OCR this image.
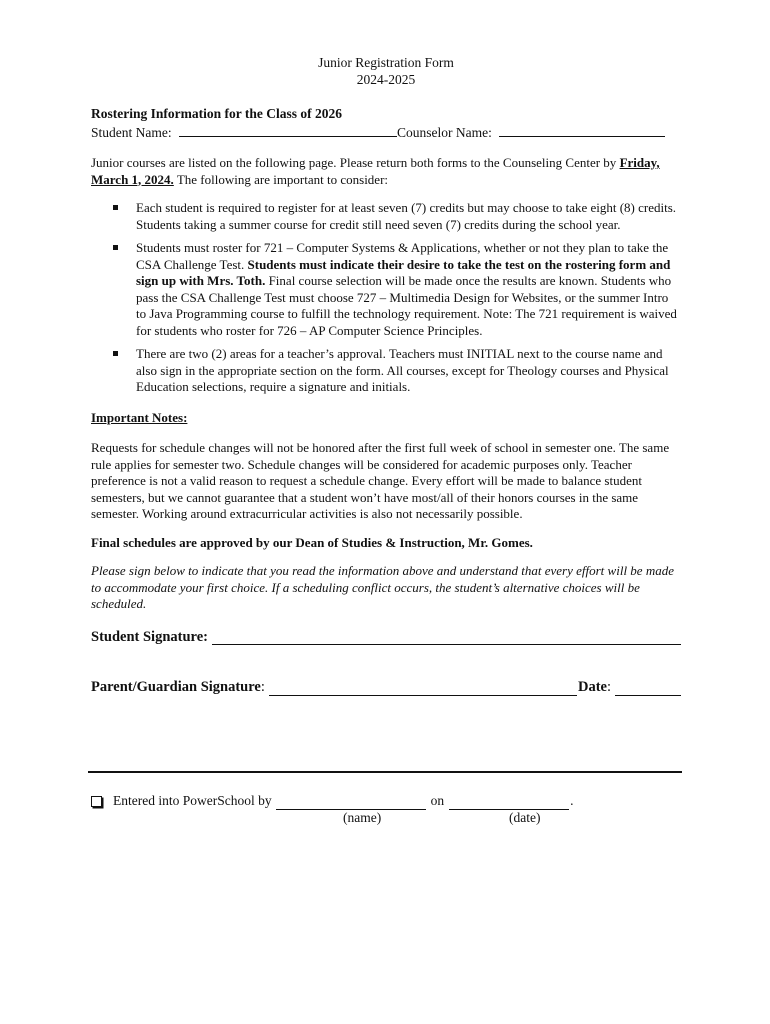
Junior Registration Form
2024-2025
Rostering Information for the Class of 2026
Student Name:	Counselor Name:

Junior courses are listed on the following page. Please return both forms to the Counseling Center by Friday, March 1, 2024. The following are important to consider:

Each student is required to register for at least seven (7) credits but may choose to take eight (8) credits. Students taking a summer course for credit still need seven (7) credits during the school year.
Students must roster for 721 – Computer Systems & Applications, whether or not they plan to take the CSA Challenge Test. Students must indicate their desire to take the test on the rostering form and sign up with Mrs. Toth. Final course selection will be made once the results are known. Students who pass the CSA Challenge Test must choose 727 – Multimedia Design for Websites, or the summer Intro to Java Programming course to fulfill the technology requirement. Note: The 721 requirement is waived for students who roster for 726 – AP Computer Science Principles.
There are two (2) areas for a teacher’s approval. Teachers must INITIAL next to the course name and also sign in the appropriate section on the form. All courses, except for Theology courses and Physical Education selections, require a signature and initials.
Important Notes:

Requests for schedule changes will not be honored after the first full week of school in semester one. The same rule applies for semester two. Schedule changes will be considered for academic purposes only. Teacher preference is not a valid reason to request a schedule change. Every effort will be made to balance student semesters, but we cannot guarantee that a student won’t have most/all of their honors courses in the same semester. Working around extracurricular activities is also not necessarily possible.

Final schedules are approved by our Dean of Studies & Instruction, Mr. Gomes.

Please sign below to indicate that you read the information above and understand that every effort will be made to accommodate your first choice. If a scheduling conflict occurs, the student’s alternative choices will be scheduled.

Student Signature:
Parent/Guardian Signature :	Date :
Entered into PowerSchool by	on	.
(name)	(date)
